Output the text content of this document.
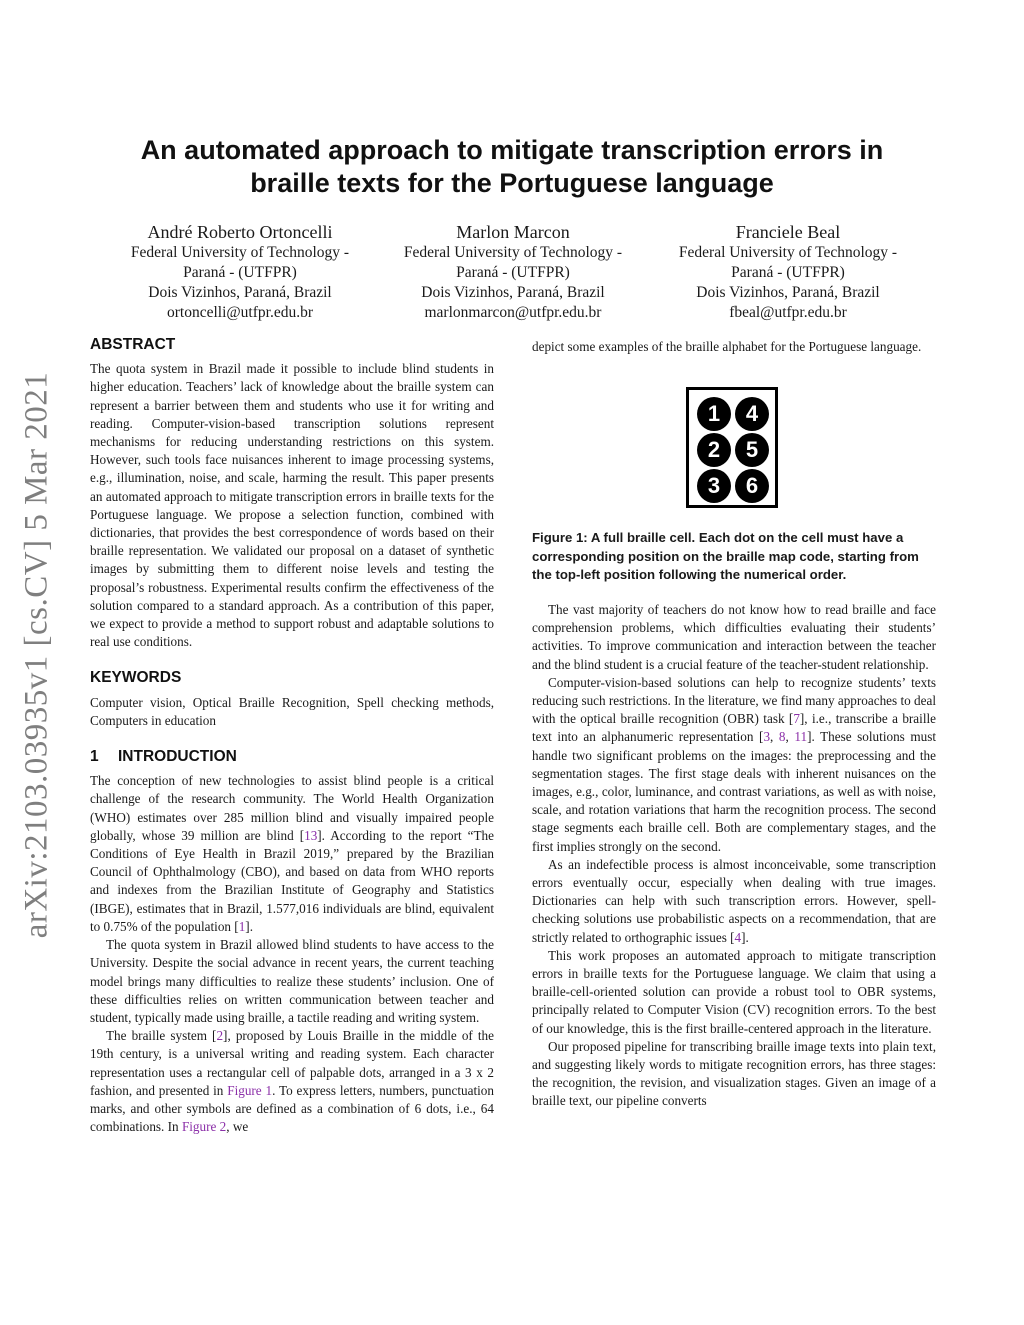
arXiv:2103.03935v1 [cs.CV] 5 Mar 2021
An automated approach to mitigate transcription errors in
braille texts for the Portuguese language
André Roberto Ortoncelli
Federal University of Technology -
Paraná - (UTFPR)
Dois Vizinhos, Paraná, Brazil
ortoncelli@utfpr.edu.br
Marlon Marcon
Federal University of Technology -
Paraná - (UTFPR)
Dois Vizinhos, Paraná, Brazil
marlonmarcon@utfpr.edu.br
Franciele Beal
Federal University of Technology -
Paraná - (UTFPR)
Dois Vizinhos, Paraná, Brazil
fbeal@utfpr.edu.br
ABSTRACT

The quota system in Brazil made it possible to include blind students in higher education. Teachers’ lack of knowledge about the braille system can represent a barrier between them and students who use it for writing and reading. Computer-vision-based transcription solutions represent mechanisms for reducing understanding restrictions on this system. However, such tools face nuisances inherent to image processing systems, e.g., illumination, noise, and scale, harming the result. This paper presents an automated approach to mitigate transcription errors in braille texts for the Portuguese language. We propose a selection function, combined with dictionaries, that provides the best correspondence of words based on their braille representation. We validated our proposal on a dataset of synthetic images by submitting them to different noise levels and testing the proposal’s robustness. Experimental results confirm the effectiveness of the solution compared to a standard approach. As a contribution of this paper, we expect to provide a method to support robust and adaptable solutions to real use conditions.

KEYWORDS

Computer vision, Optical Braille Recognition, Spell checking methods, Computers in education

1 INTRODUCTION

The conception of new technologies to assist blind people is a critical challenge of the research community. The World Health Organization (WHO) estimates over 285 million blind and visually impaired people globally, whose 39 million are blind [13]. According to the report “The Conditions of Eye Health in Brazil 2019,” prepared by the Brazilian Council of Ophthalmology (CBO), and based on data from WHO reports and indexes from the Brazilian Institute of Geography and Statistics (IBGE), estimates that in Brazil, 1.577,016 individuals are blind, equivalent to 0.75% of the population [1].

The quota system in Brazil allowed blind students to have access to the University. Despite the social advance in recent years, the current teaching model brings many difficulties to realize these students’ inclusion. One of these difficulties relies on written communication between teacher and student, typically made using braille, a tactile reading and writing system.

The braille system [2], proposed by Louis Braille in the middle of the 19th century, is a universal writing and reading system. Each character representation uses a rectangular cell of palpable dots, arranged in a 3 x 2 fashion, and presented in Figure 1. To express letters, numbers, punctuation marks, and other symbols are defined as a combination of 6 dots, i.e., 64 combinations. In Figure 2, we

depict some examples of the braille alphabet for the Portuguese language.

1	4
2	5
3	6

Figure 1: A full braille cell. Each dot on the cell must have a corresponding position on the braille map code, starting from the top-left position following the numerical order.

The vast majority of teachers do not know how to read braille and face comprehension problems, which difficulties evaluating their students’ activities. To improve communication and interaction between the teacher and the blind student is a crucial feature of the teacher-student relationship.

Computer-vision-based solutions can help to recognize students’ texts reducing such restrictions. In the literature, we find many approaches to deal with the optical braille recognition (OBR) task [7], i.e., transcribe a braille text into an alphanumeric representation [3, 8, 11]. These solutions must handle two significant problems on the images: the preprocessing and the segmentation stages. The first stage deals with inherent nuisances on the images, e.g., color, luminance, and contrast variations, as well as with noise, scale, and rotation variations that harm the recognition process. The second stage segments each braille cell. Both are complementary stages, and the first implies strongly on the second.

As an indefectible process is almost inconceivable, some transcription errors eventually occur, especially when dealing with true images. Dictionaries can help with such transcription errors. However, spell-checking solutions use probabilistic aspects on a recommendation, that are strictly related to orthographic issues [4].

This work proposes an automated approach to mitigate transcription errors in braille texts for the Portuguese language. We claim that using a braille-cell-oriented solution can provide a robust tool to OBR systems, principally related to Computer Vision (CV) recognition errors. To the best of our knowledge, this is the first braille-centered approach in the literature.

Our proposed pipeline for transcribing braille image texts into plain text, and suggesting likely words to mitigate recognition errors, has three stages: the recognition, the revision, and visualization stages. Given an image of a braille text, our pipeline converts
